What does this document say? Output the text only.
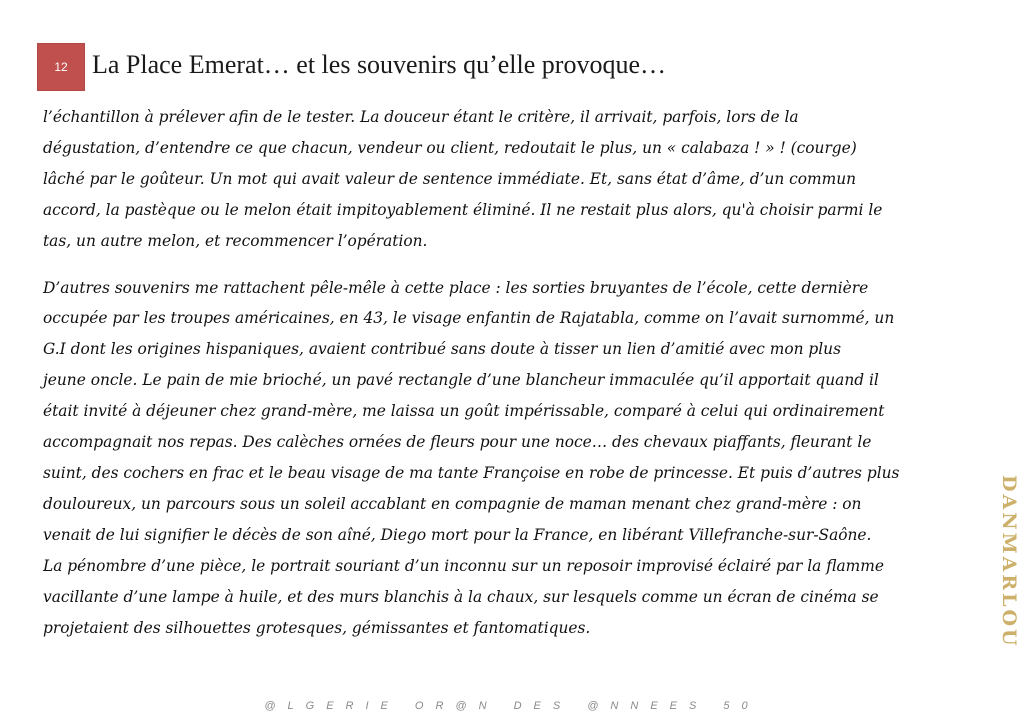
12 La Place Emerat… et les souvenirs qu’elle provoque…

l’échantillon à prélever afin de le tester. La douceur étant le critère, il arrivait, parfois, lors de la
dégustation, d’entendre ce que chacun, vendeur ou client, redoutait le plus, un « calabaza ! » ! (courge)
lâché par le goûteur. Un mot qui avait valeur de sentence immédiate. Et, sans état d’âme, d’un commun
accord, la pastèque ou le melon était impitoyablement éliminé. Il ne restait plus alors, qu'à choisir parmi le
tas, un autre melon, et recommencer l’opération.

D’autres souvenirs me rattachent pêle-mêle à cette place : les sorties bruyantes de l’école, cette dernière
occupée par les troupes américaines, en 43, le visage enfantin de Rajatabla, comme on l’avait surnommé, un
G.I dont les origines hispaniques, avaient contribué sans doute à tisser un lien d’amitié avec mon plus
jeune oncle. Le pain de mie brioché, un pavé rectangle d’une blancheur immaculée qu’il apportait quand il
était invité à déjeuner chez grand-mère, me laissa un goût impérissable, comparé à celui qui ordinairement
accompagnait nos repas. Des calèches ornées de fleurs pour une noce… des chevaux piaffants, fleurant le
suint, des cochers en frac et le beau visage de ma tante Françoise en robe de princesse. Et puis d’autres plus
douloureux, un parcours sous un soleil accablant en compagnie de maman menant chez grand-mère : on
venait de lui signifier le décès de son aîné, Diego mort pour la France, en libérant Villefranche-sur-Saône.
La pénombre d’une pièce, le portrait souriant d’un inconnu sur un reposoir improvisé éclairé par la flamme
vacillante d’une lampe à huile, et des murs blanchis à la chaux, sur lesquels comme un écran de cinéma se
projetaient des silhouettes grotesques, gémissantes et fantomatiques.	DANMARLOU
@LGERIE OR@N DES @NNEES 50
